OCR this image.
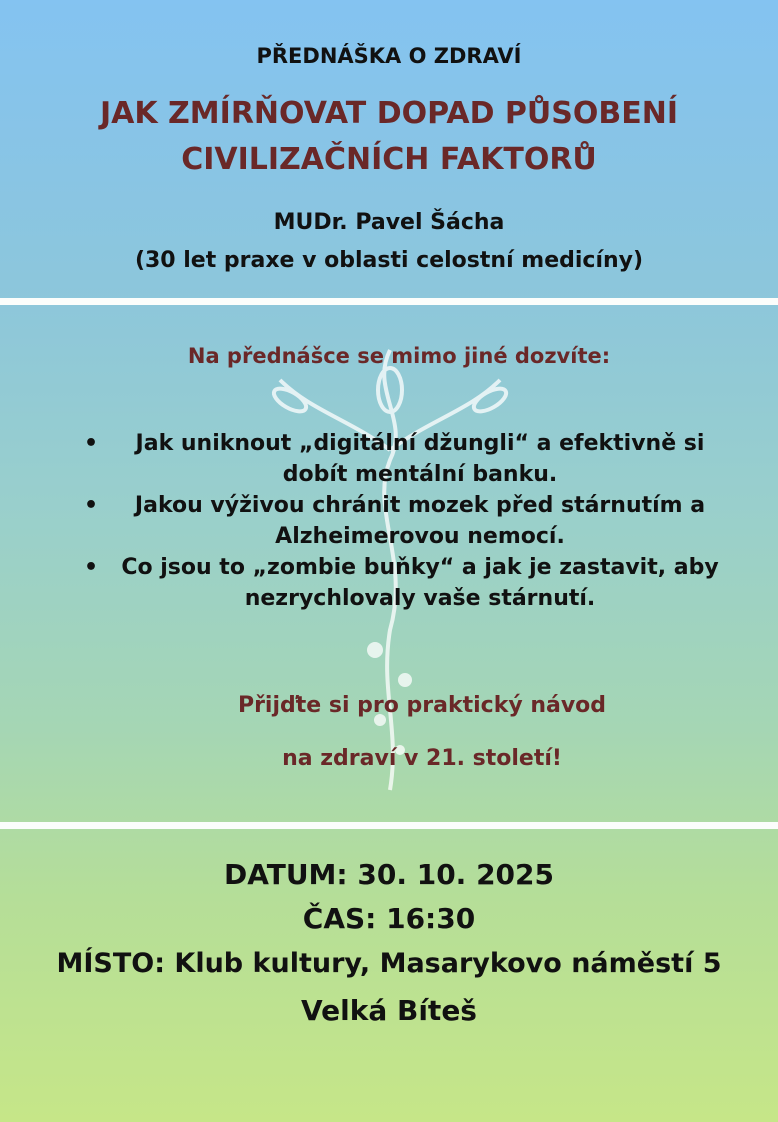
PŘEDNÁŠKA O ZDRAVÍ
JAK ZMÍRŇOVAT DOPAD PŮSOBENÍ
CIVILIZAČNÍCH FAKTORŮ
MUDr. Pavel Šácha
(30 let praxe v oblasti celostní medicíny)
Na přednášce se mimo jiné dozvíte:
• Jak uniknout „digitální džungli“ a efektivně si
dobít mentální banku.
• Jakou výživou chránit mozek před stárnutím a
Alzheimerovou nemocí.
• Co jsou to „zombie buňky“ a jak je zastavit, aby
nezrychlovaly vaše stárnutí.
Přijďte si pro praktický návod
na zdraví v 21. století!
DATUM: 30. 10. 2025
ČAS: 16:30
MÍSTO: Klub kultury, Masarykovo náměstí 5
Velká Bíteš
